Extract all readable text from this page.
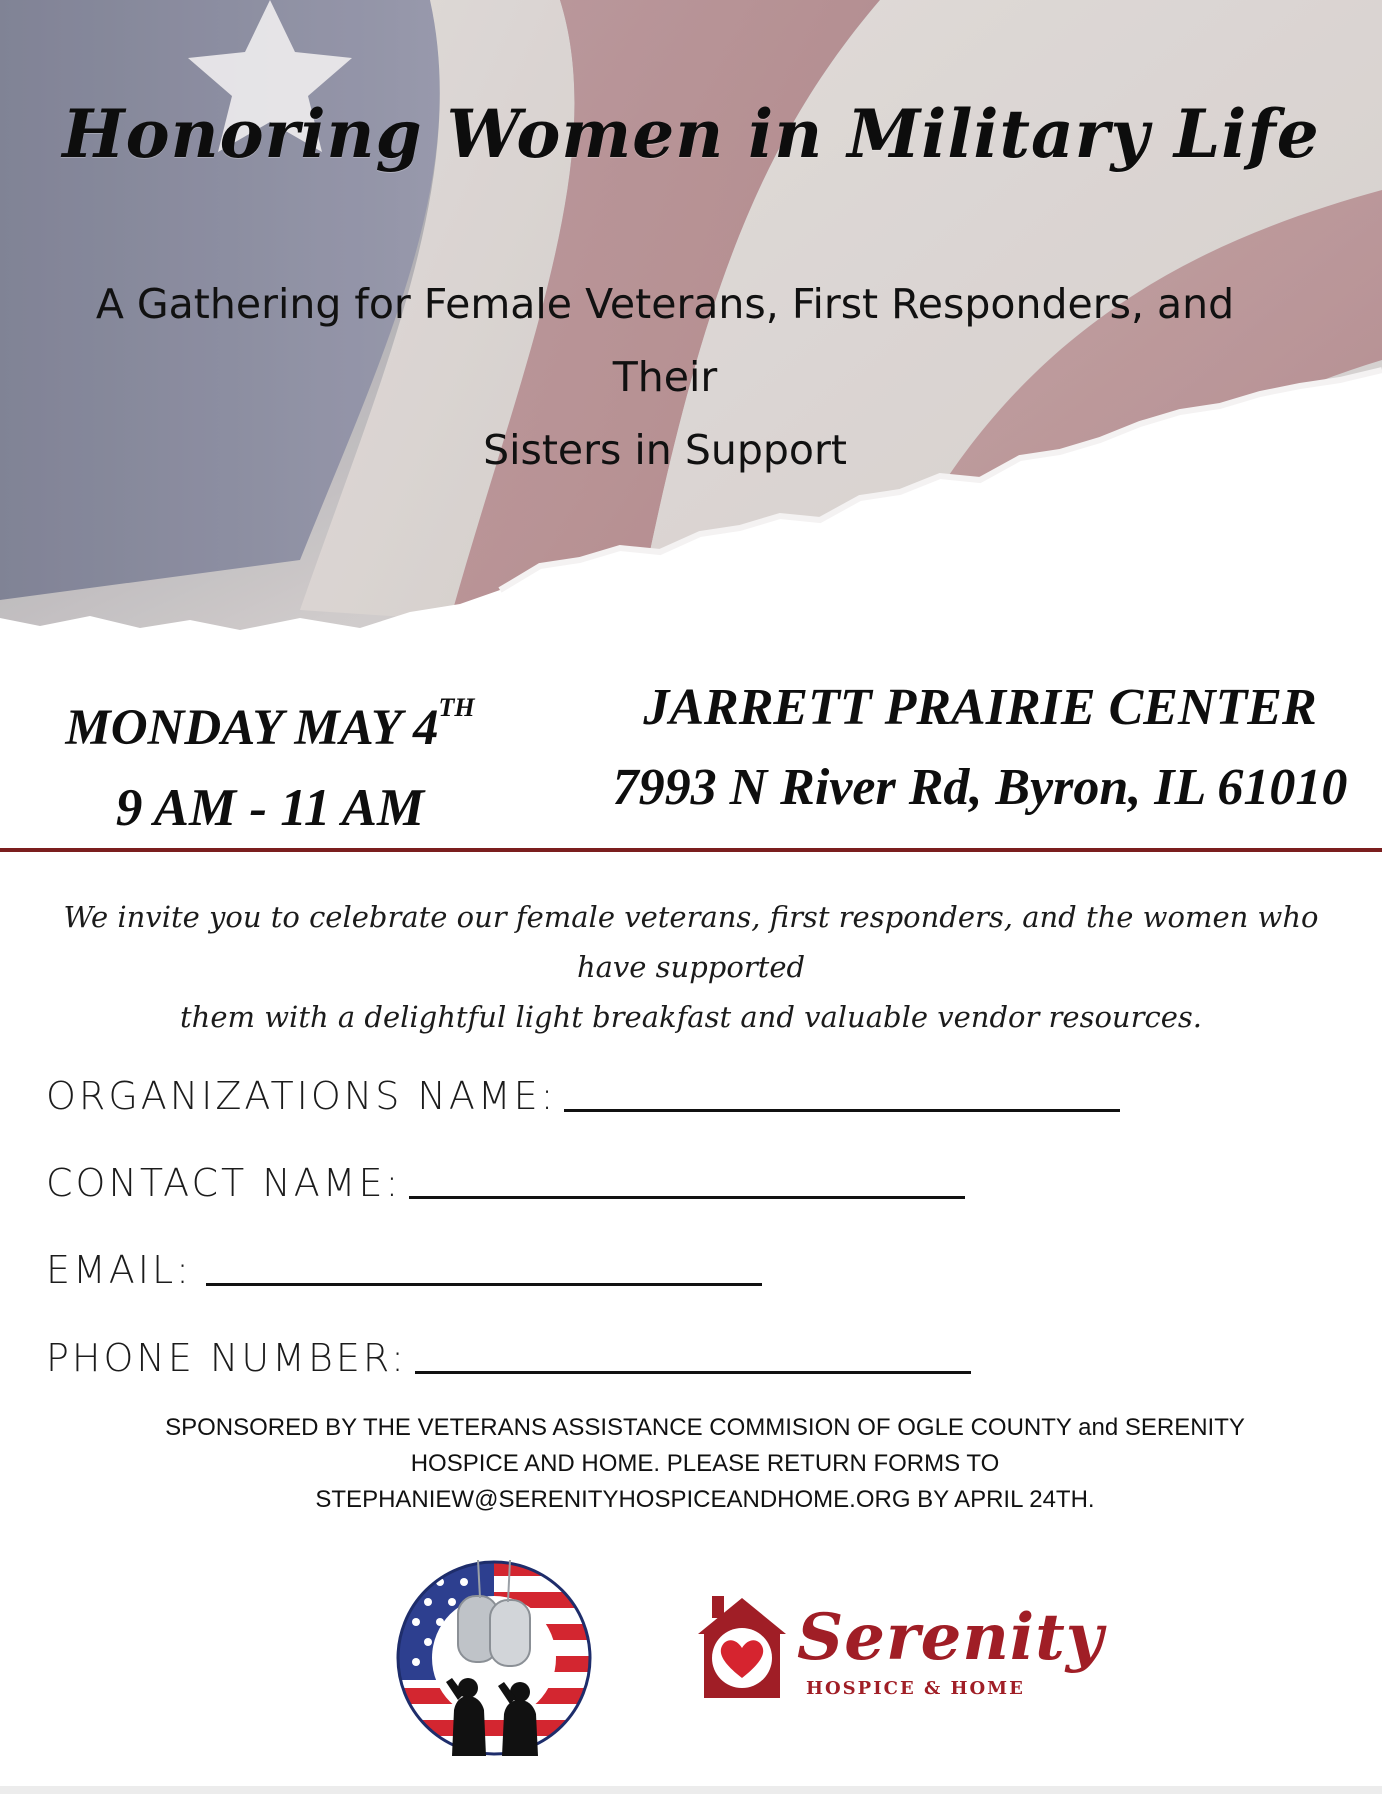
Honoring Women in Military Life
A Gathering for Female Veterans, First Responders, and Their
Sisters in Support
MONDAY MAY 4TH
9 AM - 11 AM
JARRETT PRAIRIE CENTER
7993 N River Rd, Byron, IL 61010
We invite you to celebrate our female veterans, first responders, and the women who have supported
them with a delightful light breakfast and valuable vendor resources.
ORGANIZATIONS NAME:
CONTACT NAME:
EMAIL:
PHONE NUMBER:
SPONSORED BY THE VETERANS ASSISTANCE COMMISION OF OGLE COUNTY and SERENITY
HOSPICE AND HOME. PLEASE RETURN FORMS TO
STEPHANIEW@SERENITYHOSPICEANDHOME.ORG BY APRIL 24TH.
Serenity
HOSPICE & HOME
